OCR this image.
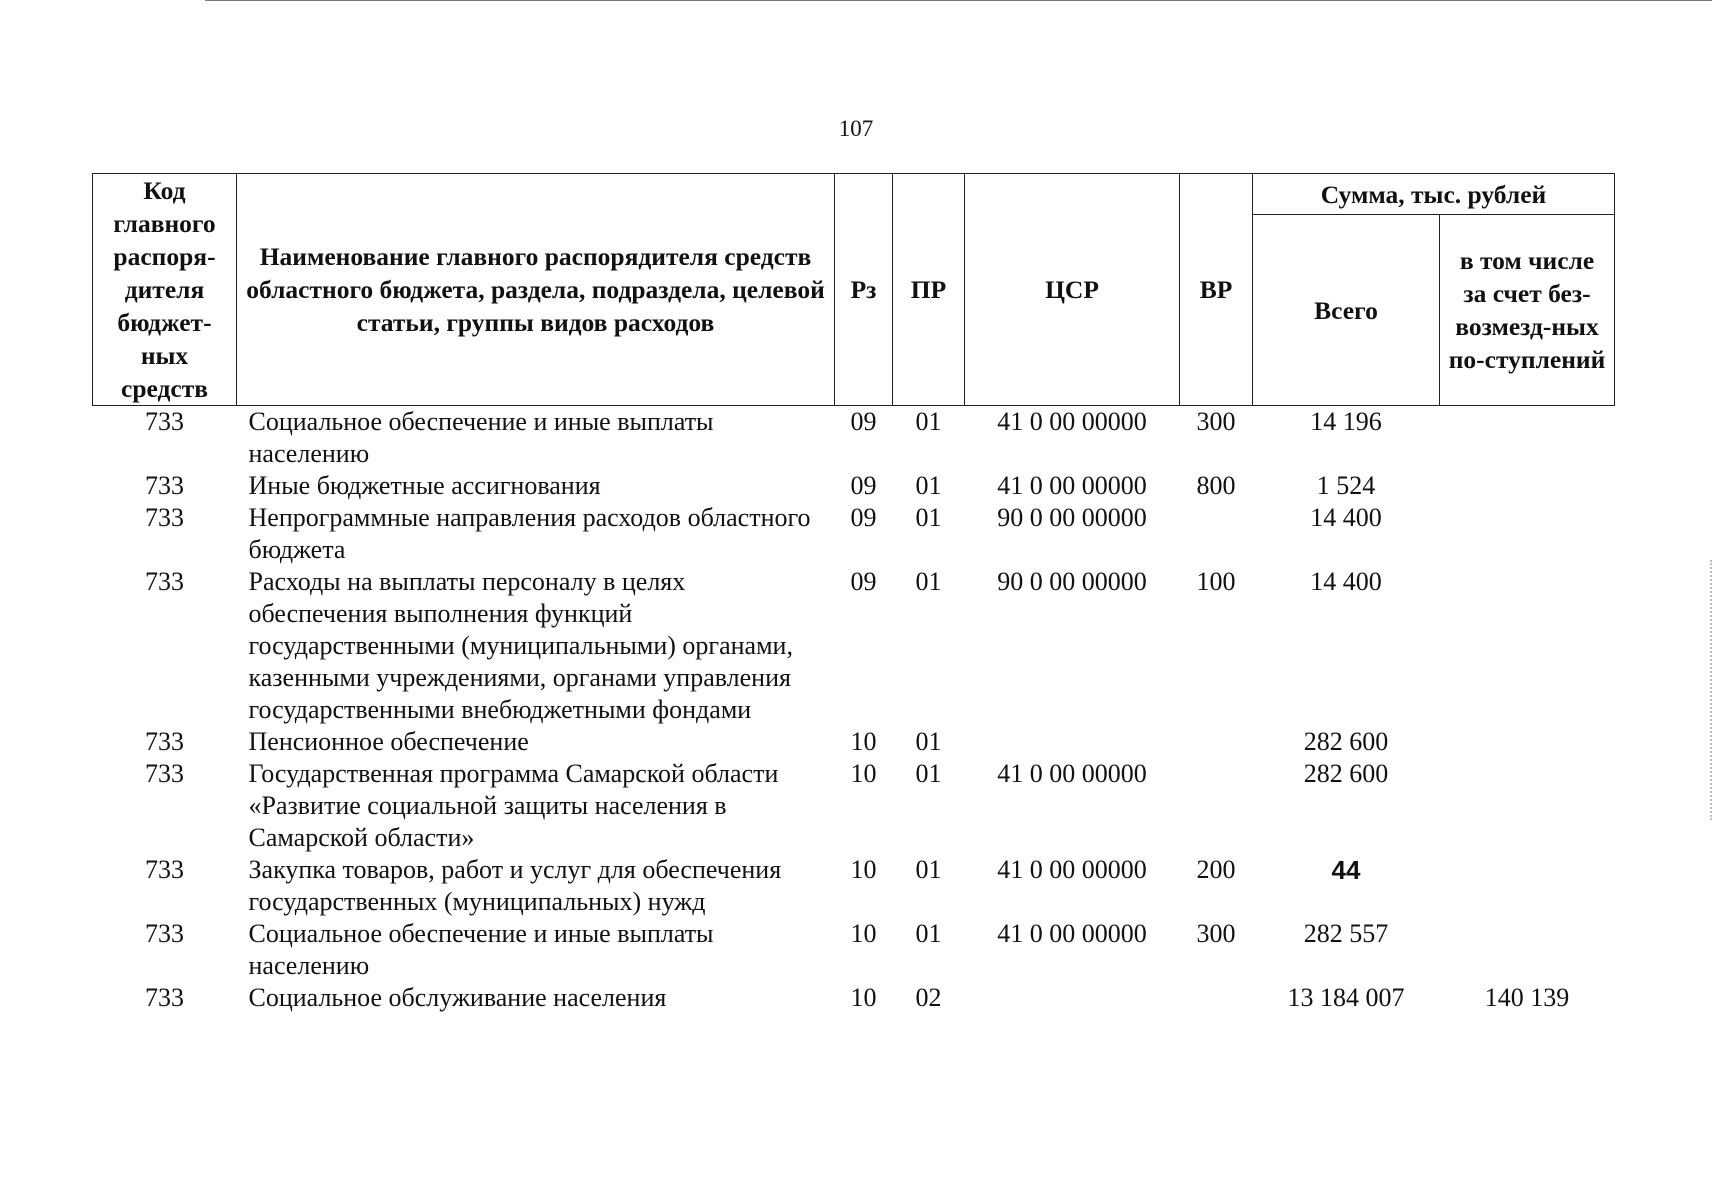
107
Код главного распоря-дителя бюджет-ных средств	Наименование главного распорядителя средств областного бюджета, раздела, подраздела, целевой статьи, группы видов расходов	Рз	ПР	ЦСР	ВР	Сумма, тыс. рублей	
						Всего	в том числе за счет без-возмезд-ных по-ступлений
733	Социальное обеспечение и иные выплаты населению	09	01	41 0 00 00000	300	14 196	
733	Иные бюджетные ассигнования	09	01	41 0 00 00000	800	1 524	
733	Непрограммные направления расходов областного бюджета	09	01	90 0 00 00000		14 400	
733	Расходы на выплаты персоналу в целях обеспечения выполнения функций государственными (муниципальными) органами, казенными учреждениями, органами управления государственными внебюджетными фондами	09	01	90 0 00 00000	100	14 400	
733	Пенсионное обеспечение	10	01			282 600	
733	Государственная программа Самарской области «Развитие социальной защиты населения в Самарской области»	10	01	41 0 00 00000		282 600	
733	Закупка товаров, работ и услуг для обеспечения государственных (муниципальных) нужд	10	01	41 0 00 00000	200	44	
733	Социальное обеспечение и иные выплаты населению	10	01	41 0 00 00000	300	282 557	
733	Социальное обслуживание населения	10	02			13 184 007	140 139
